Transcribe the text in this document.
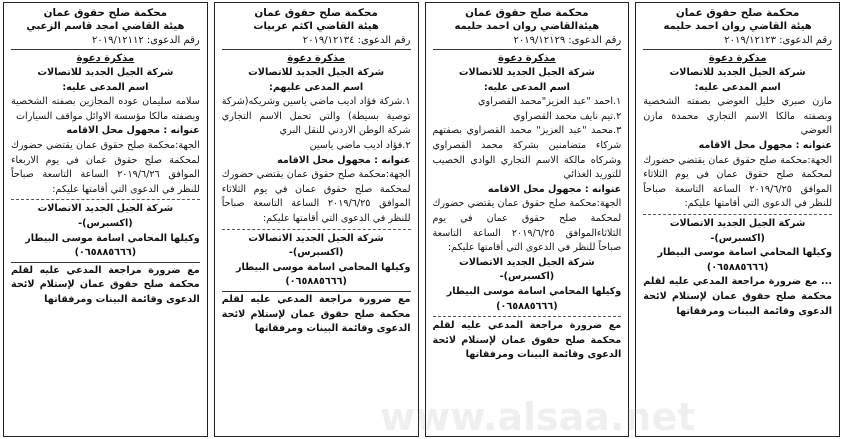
محكمة صلح حقوق عمان

هيئة القاضي روان احمد حليمه

رقم الدعوى: ٢٠١٩/١٢١٢٣

مذكرة دعوة

شركة الجيل الجديد للاتصالات

اسم المدعى عليه:

مازن صبري خليل العوضي بصفته الشخصية وبصفته مالكا الاسم التجاري محمدة مازن العوضي

عنوانه : مجهول محل الاقامه

الجهة:محكمة صلح حقوق عمان يقتضي حضورك لمحكمة صلح حقوق عمان في يوم الثلاثاء الموافق ٢٠١٩/٦/٢٥ الساعة التاسعة صباحاً للنظر في الدعوى التي أقامتها عليكم:

شركة الجيل الجديد الاتصالات

(اكسبرس)-

وكيلها المحامي اسامة موسى البيطار

(٠٦٥٨٨٥٦٦٦)

... مع ضرورة مراجعة المدعي عليه لقلم محكمة صلح حقوق عمان لإستلام لائحة الدعوى وقائمة البينات ومرفقاتها

محكمة صلح حقوق عمان

هيئةالقاضي روان احمد حليمه

رقم الدعوى: ٢٠١٩/١٢١٢٩

مذكرة دعوة

شركة الجيل الجديد للاتصالات

اسم المدعى عليه:

١.احمد "عبد العزيز"محمد القصراوي

٢.تيم نايف محمد القصراوي

٣.محمد "عبد العزيز" محمد القصراوي بصفتهم شركاء متضامنين بشركة محمد القصراوي وشركاه مالكة الاسم التجاري الوادي الخصيب للتوريد الغذائي

عنوانه : مجهول محل الاقامه

الجهة:محكمة صلح حقوق عمان يقتضي حضورك لمحكمة صلح حقوق عمان في يوم الثلاثاءالموافق ٢٠١٩/٦/٢٥ الساعة التاسعة صباحاً للنظر في الدعوى التي أقامتها عليكم:

شركة الجيل الجديد الاتصالات

(اكسبرس)-

وكيلها المحامي اسامة موسى البيطار

(٠٦٥٨٨٥٦٦٦)

مع ضرورة مراجعة المدعي عليه لقلم محكمة صلح حقوق عمان لإستلام لائحة الدعوى وقائمة البينات ومرفقاتها

محكمة صلح حقوق عمان

هيئة القاضي اكثم عربيات

رقم الدعوى: ٢٠١٩/١٢١٣٤

مذكرة دعوة

شركة الجيل الجديد للاتصالات

اسم المدعى عليهم:

١.شركة فؤاد اديب ماضي ياسين وشريكه(شركة توصية بسيطة) والتي تحمل الاسم التجاري شركة الوطن الاردني للنقل البري

٢.فؤاد اديب ماضي ياسين

عنوانه : مجهول محل الاقامه

الجهة:محكمة صلح حقوق عمان يقتضي حضورك لمحكمة صلح حقوق عمان في يوم الثلاثاء الموافق ٢٠١٩/٦/٢٥ الساعة التاسعة صباحاً للنظر في الدعوى التي أقامتها عليكم:

شركة الجيل الجديد الاتصالات

(اكسبرس)-

وكيلها المحامي اسامة موسى البيطار

(٠٦٥٨٨٥٦٦٦)

مع ضرورة مراجعة المدعي عليه لقلم محكمة صلح حقوق عمان لإستلام لائحة الدعوى وقائمة البينات ومرفقاتها

محكمة صلح حقوق عمان

هيئة القاضي امجد قاسم الزعبي

رقم الدعوى: ٢٠١٩/١٢١١٢

مذكرة دعوة

شركة الجيل الجديد للاتصالات

اسم المدعى عليه:

سلامه سليمان عوده المجازين بصفته الشخصية وبصفته مالكا مؤسسة الاوائل مواقف السيارات

عنوانه : مجهول محل الاقامه

الجهة:محكمة صلح حقوق عمان يقتضي حضورك لمحكمة صلح حقوق عمان في يوم الاربعاء الموافق ٢٠١٩/٦/٢٦ الساعة التاسعة صباحاً للنظر في الدعوى التي أقامتها عليكم:

شركة الجيل الجديد الاتصالات

(اكسبرس)-

وكيلها المحامي اسامة موسى البيطار

(٠٦٥٨٨٥٦٦٦)

مع ضرورة مراجعة المدعي عليه لقلم محكمة صلح حقوق عمان لإستلام لائحة الدعوى وقائمة البينات ومرفقاتها

www.alsaa.net
